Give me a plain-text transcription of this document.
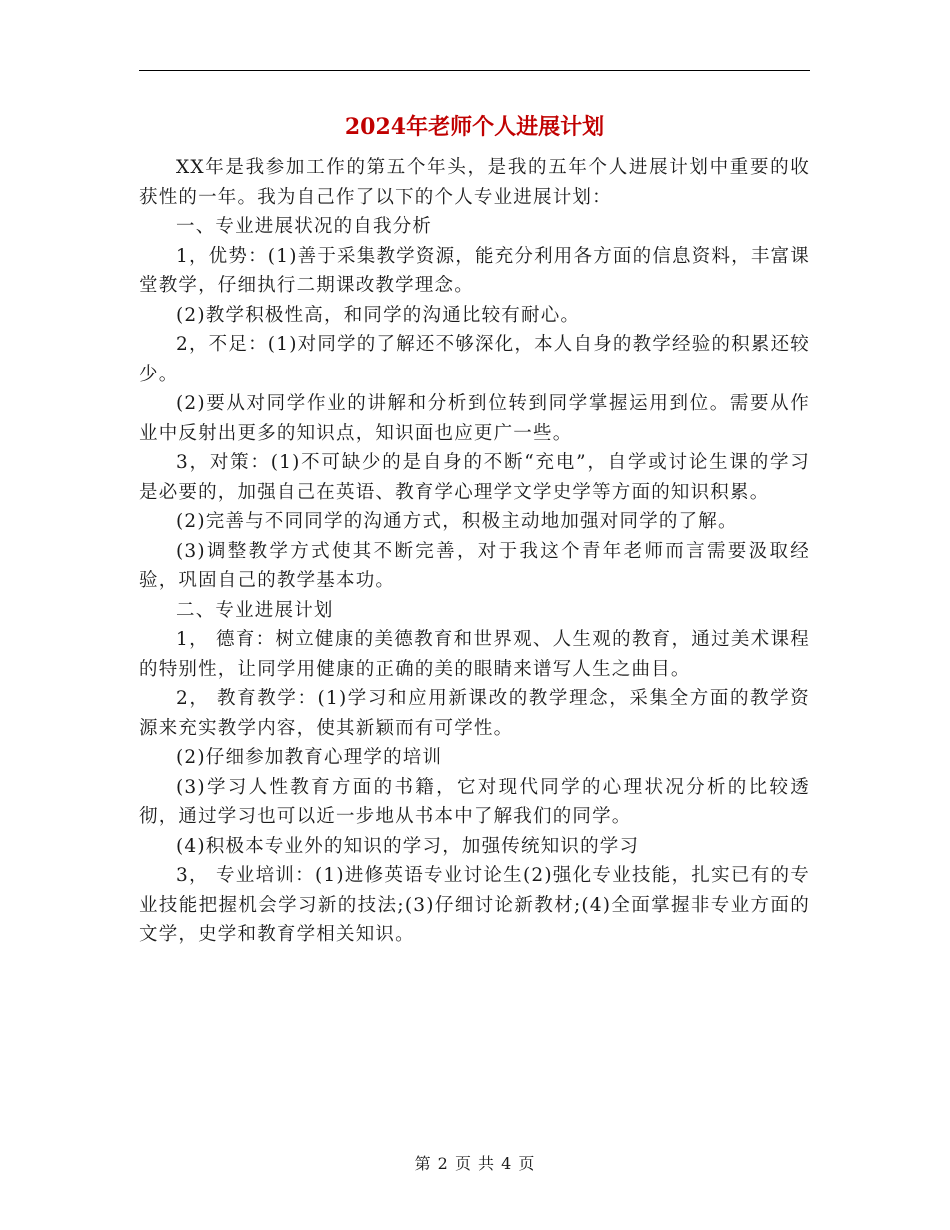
2024年老师个人进展计划

XX年是我参加工作的第五个年头，是我的五年个人进展计划中重要的收获性的一年。我为自己作了以下的个人专业进展计划：

一、专业进展状况的自我分析

1，优势：(1)善于采集教学资源，能充分利用各方面的信息资料，丰富课堂教学，仔细执行二期课改教学理念。

(2)教学积极性高，和同学的沟通比较有耐心。

2，不足：(1)对同学的了解还不够深化，本人自身的教学经验的积累还较少。

(2)要从对同学作业的讲解和分析到位转到同学掌握运用到位。需要从作业中反射出更多的知识点，知识面也应更广一些。

3，对策：(1)不可缺少的是自身的不断“充电”，自学或讨论生课的学习是必要的，加强自己在英语、教育学心理学文学史学等方面的知识积累。

(2)完善与不同同学的沟通方式，积极主动地加强对同学的了解。

(3)调整教学方式使其不断完善，对于我这个青年老师而言需要汲取经验，巩固自己的教学基本功。

二、专业进展计划

1， 德育：树立健康的美德教育和世界观、人生观的教育，通过美术课程的特别性，让同学用健康的正确的美的眼睛来谱写人生之曲目。

2， 教育教学：(1)学习和应用新课改的教学理念，采集全方面的教学资源来充实教学内容，使其新颖而有可学性。

(2)仔细参加教育心理学的培训

(3)学习人性教育方面的书籍，它对现代同学的心理状况分析的比较透彻，通过学习也可以近一步地从书本中了解我们的同学。

(4)积极本专业外的知识的学习，加强传统知识的学习

3， 专业培训：(1)进修英语专业讨论生(2)强化专业技能，扎实已有的专业技能把握机会学习新的技法;(3)仔细讨论新教材;(4)全面掌握非专业方面的文学，史学和教育学相关知识。

第 2 页 共 4 页
